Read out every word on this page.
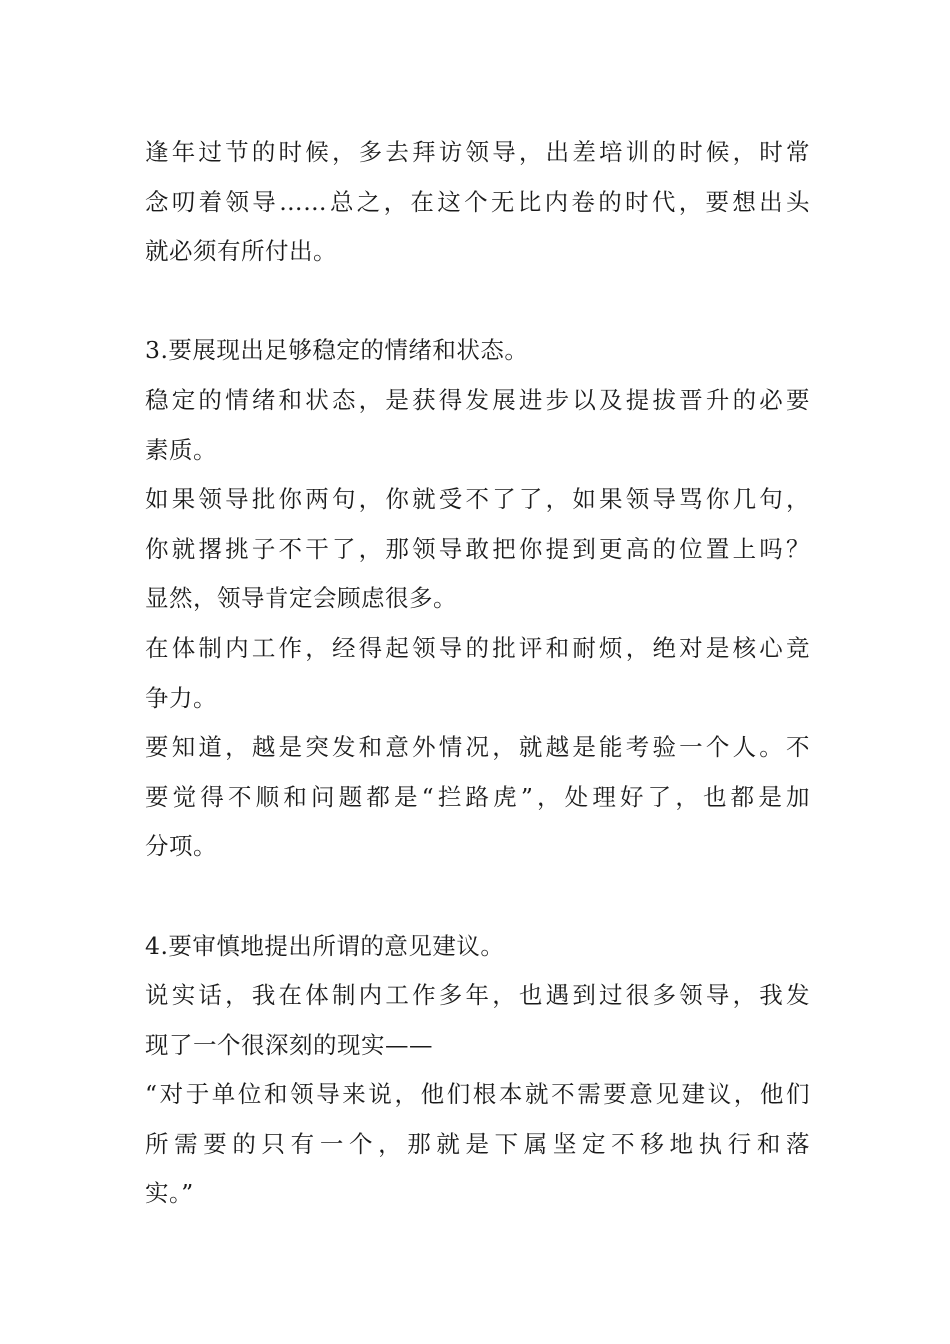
逢年过节的时候，多去拜访领导，出差培训的时候，时常
念叨着领导……总之，在这个无比内卷的时代，要想出头
就必须有所付出。
3.要展现出足够稳定的情绪和状态。
稳定的情绪和状态，是获得发展进步以及提拔晋升的必要
素质。
如果领导批你两句，你就受不了了，如果领导骂你几句，
你就撂挑子不干了，那领导敢把你提到更高的位置上吗？
显然，领导肯定会顾虑很多。
在体制内工作，经得起领导的批评和耐烦，绝对是核心竞
争力。
要知道，越是突发和意外情况，就越是能考验一个人。不
要觉得不顺和问题都是“拦路虎”，处理好了，也都是加
分项。
4.要审慎地提出所谓的意见建议。
说实话，我在体制内工作多年，也遇到过很多领导，我发
现了一个很深刻的现实——
“对于单位和领导来说，他们根本就不需要意见建议，他们
所需要的只有一个，那就是下属坚定不移地执行和落
实。”
